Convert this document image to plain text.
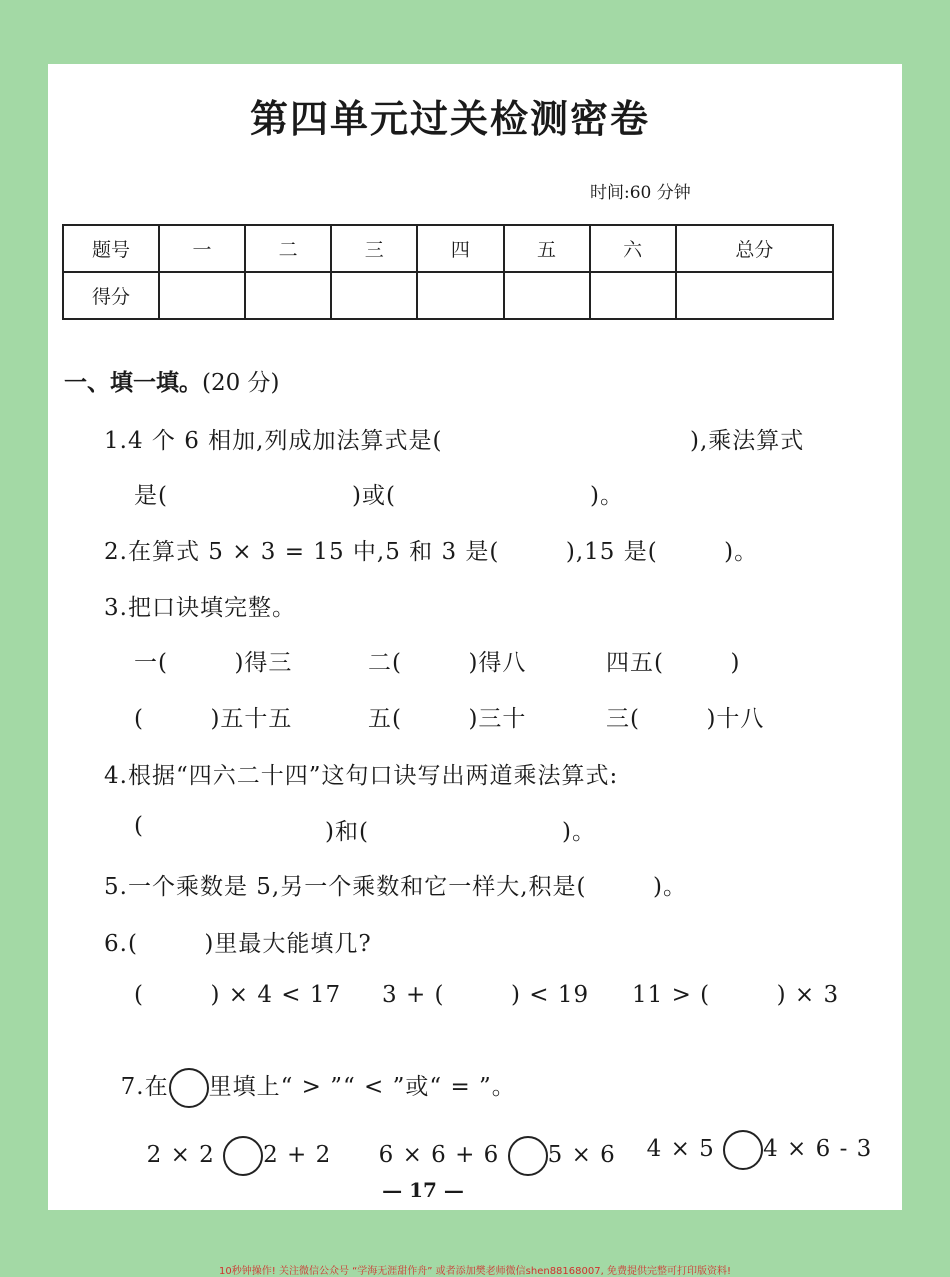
第四单元过关检测密卷
时间:60 分钟
题号	一	二	三	四	五	六	总分
得分							
一、填一填。(20 分)
1.4 个 6 相加,列成加法算式是(	),乘法算式
是(	)或(	)。
2.在算式 5 × 3 = 15 中,5 和 3 是(        ),15 是(        )。
3.把口诀填完整。
一(        )得三	二(        )得八	四五(        )
(        )五十五	五(        )三十	三(        )十八
4.根据“四六二十四”这句口诀写出两道乘法算式:
(	)和(	)。
5.一个乘数是 5,另一个乘数和它一样大,积是(        )。
6.(        )里最大能填几?
(        ) × 4 < 17 3 + (        ) < 19 11 > (        ) × 3

7.在 里填上“ > ”“ < ”或“ = ”。

2 × 2 2 + 2	6 × 6 + 6 5 × 6	4 × 5 4 × 6 - 3

— 17 —
10秒钟操作! 关注微信公众号 “学海无涯甜作舟” 或者添加樊老师微信shen88168007, 免费提供完整可打印版资料!
